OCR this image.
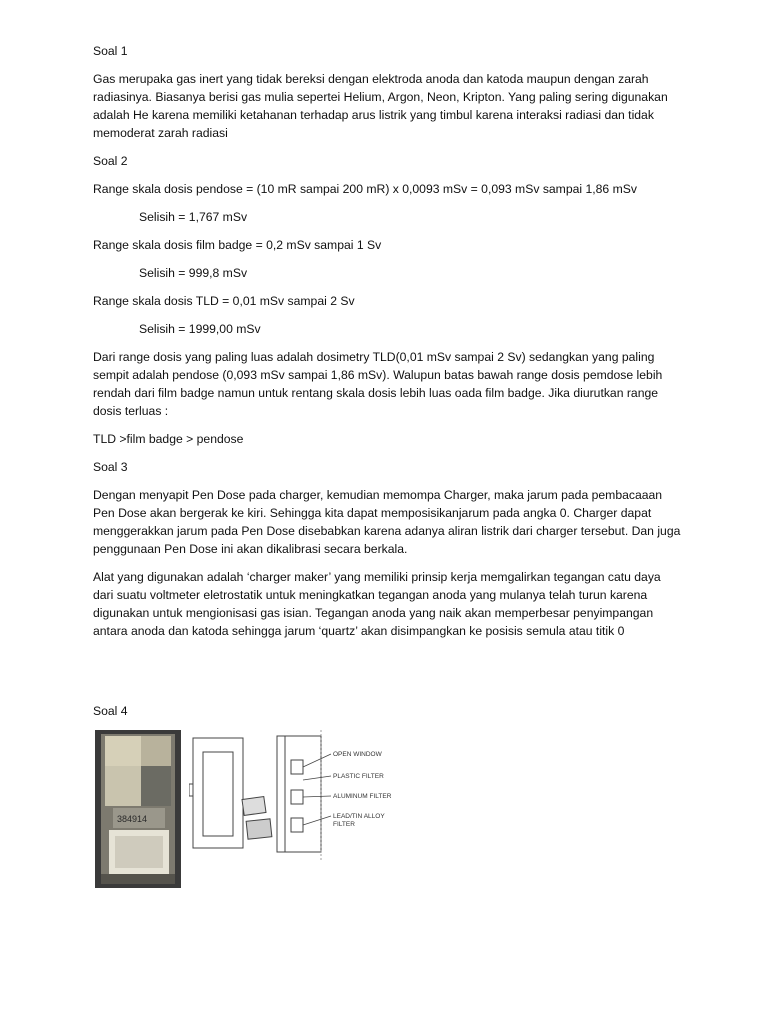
Soal 1
Gas merupaka gas inert yang tidak bereksi dengan elektroda anoda dan katoda maupun dengan zarah radiasinya. Biasanya berisi gas mulia sepertei Helium, Argon, Neon, Kripton. Yang paling sering digunakan adalah He karena memiliki ketahanan terhadap arus listrik yang timbul karena interaksi radiasi dan tidak memoderat zarah radiasi
Soal 2
Range skala dosis pendose = (10 mR sampai 200 mR) x 0,0093 mSv = 0,093 mSv sampai 1,86 mSv
Selisih = 1,767 mSv
Range skala dosis film badge = 0,2 mSv sampai 1 Sv
Selisih = 999,8 mSv
Range skala dosis TLD = 0,01 mSv sampai 2 Sv
Selisih = 1999,00 mSv
Dari range dosis yang paling luas adalah dosimetry TLD(0,01 mSv sampai 2 Sv) sedangkan yang paling sempit adalah pendose (0,093 mSv sampai 1,86 mSv). Walupun batas bawah range dosis pemdose lebih rendah dari film badge namun untuk rentang skala dosis lebih luas oada film badge. Jika diurutkan range dosis terluas :
TLD >film badge > pendose
Soal 3
Dengan menyapit Pen Dose pada charger, kemudian memompa Charger, maka jarum pada pembacaaan Pen Dose akan bergerak ke kiri. Sehingga kita dapat memposisikanjarum pada angka 0. Charger dapat menggerakkan jarum pada Pen Dose disebabkan karena adanya aliran listrik dari charger tersebut. Dan juga penggunaan Pen Dose ini akan dikalibrasi secara berkala.
Alat yang digunakan adalah ‘charger maker’ yang memiliki prinsip kerja memgalirkan tegangan catu daya dari suatu voltmeter eletrostatik untuk meningkatkan tegangan anoda yang mulanya telah turun karena digunakan untuk mengionisasi gas isian. Tegangan anoda yang naik akan memperbesar penyimpangan antara anoda dan katoda sehingga jarum ‘quartz’ akan disimpangkan ke posisis semula atau titik 0
Soal 4
384914
OPEN WINDOW
PLASTIC FILTER
ALUMINUM FILTER
LEAD/TIN ALLOY
FILTER
